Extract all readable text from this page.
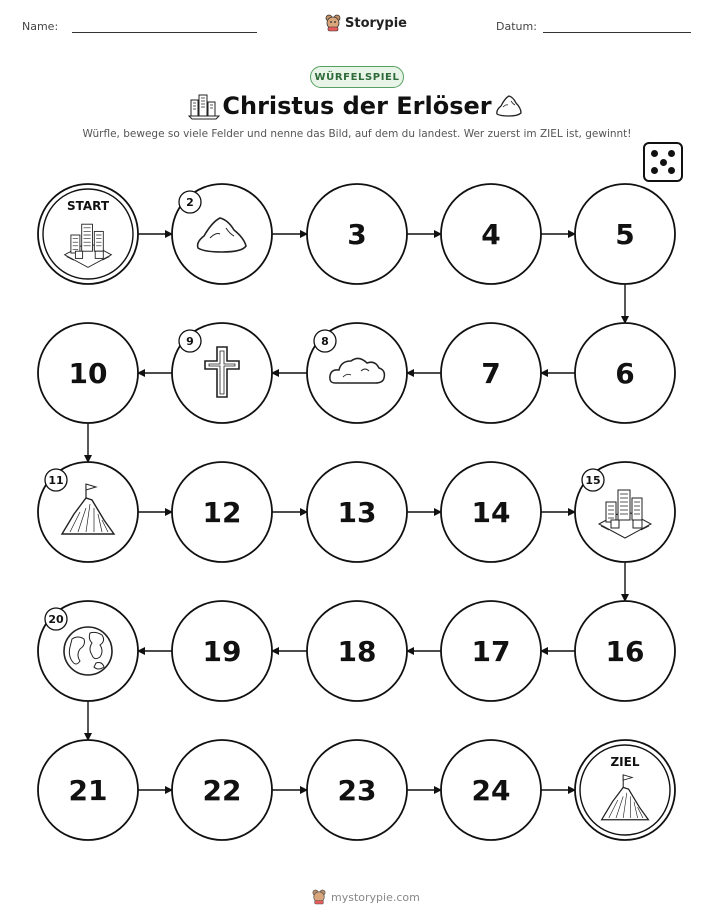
Name:	Storypie	Datum:
WÜRFELSPIEL
Christus der Erlöser
Würfle, bewege so viele Felder und nenne das Bild, auf dem du landest. Wer zuerst im ZIEL ist, gewinnt!
START	2
3	4	5
10
9	8
7	6
11
12	13	14
15
20
19	18	17	16
21	22	23	24
ZIEL
mystorypie.com
